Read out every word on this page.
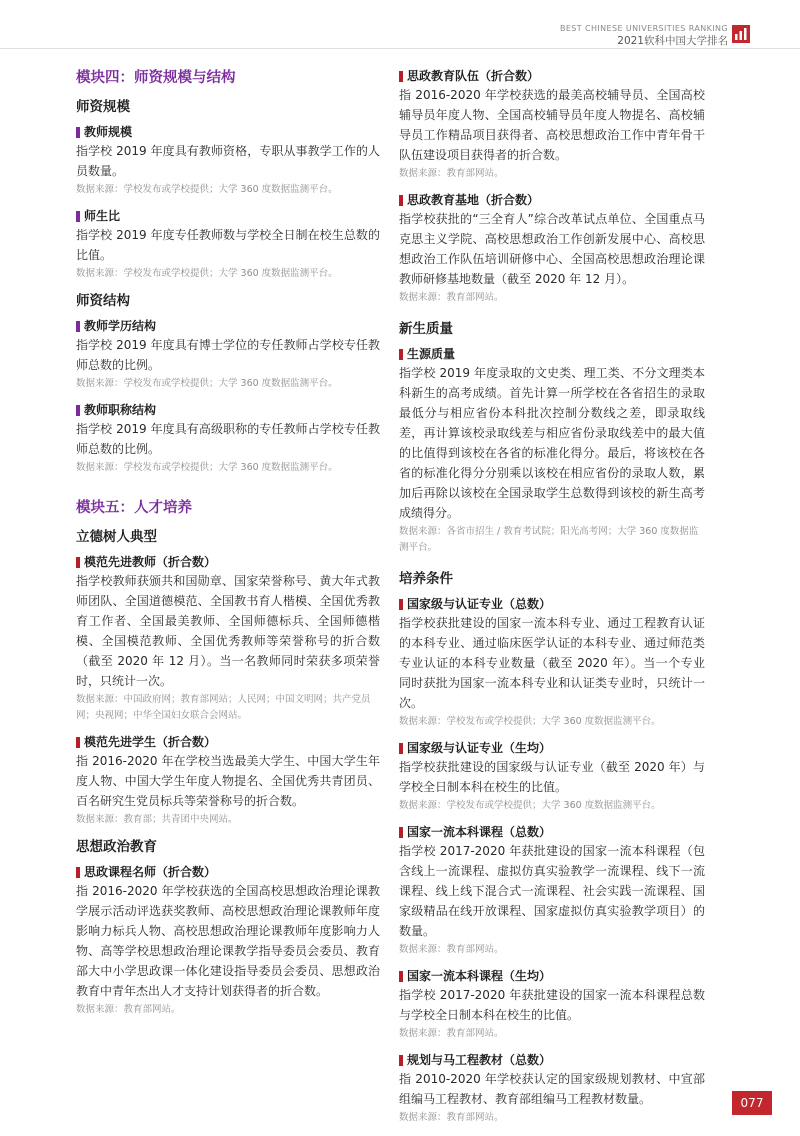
BEST CHINESE UNIVERSITIES RANKING
2021软科中国大学排名
模块四：师资规模与结构
师资规模
教师规模

指学校 2019 年度具有教师资格，专职从事教学工作的人员数量。

数据来源：学校发布或学校提供；大学 360 度数据监测平台。
师生比

指学校 2019 年度专任教师数与学校全日制在校生总数的比值。

数据来源：学校发布或学校提供；大学 360 度数据监测平台。
师资结构
教师学历结构

指学校 2019 年度具有博士学位的专任教师占学校专任教师总数的比例。

数据来源：学校发布或学校提供；大学 360 度数据监测平台。
教师职称结构

指学校 2019 年度具有高级职称的专任教师占学校专任教师总数的比例。

数据来源：学校发布或学校提供；大学 360 度数据监测平台。
模块五：人才培养
立德树人典型
模范先进教师（折合数）

指学校教师获颁共和国勋章、国家荣誉称号、黄大年式教师团队、全国道德模范、全国教书育人楷模、全国优秀教育工作者、全国最美教师、全国师德标兵、全国师德楷模、全国模范教师、全国优秀教师等荣誉称号的折合数（截至 2020 年 12 月）。当一名教师同时荣获多项荣誉时，只统计一次。

数据来源：中国政府网；教育部网站；人民网；中国文明网；共产党员网；央视网；中华全国妇女联合会网站。
模范先进学生（折合数）

指 2016-2020 年在学校当选最美大学生、中国大学生年度人物、中国大学生年度人物提名、全国优秀共青团员、百名研究生党员标兵等荣誉称号的折合数。

数据来源：教育部；共青团中央网站。
思想政治教育
思政课程名师（折合数）

指 2016-2020 年学校获选的全国高校思想政治理论课教学展示活动评选获奖教师、高校思想政治理论课教师年度影响力标兵人物、高校思想政治理论课教师年度影响力人物、高等学校思想政治理论课教学指导委员会委员、教育部大中小学思政课一体化建设指导委员会委员、思想政治教育中青年杰出人才支持计划获得者的折合数。

数据来源：教育部网站。
思政教育队伍（折合数）

指 2016-2020 年学校获选的最美高校辅导员、全国高校辅导员年度人物、全国高校辅导员年度人物提名、高校辅导员工作精品项目获得者、高校思想政治工作中青年骨干队伍建设项目获得者的折合数。

数据来源：教育部网站。
思政教育基地（折合数）

指学校获批的“三全育人”综合改革试点单位、全国重点马克思主义学院、高校思想政治工作创新发展中心、高校思想政治工作队伍培训研修中心、全国高校思想政治理论课教师研修基地数量（截至 2020 年 12 月）。

数据来源：教育部网站。
新生质量
生源质量

指学校 2019 年度录取的文史类、理工类、不分文理类本科新生的高考成绩。首先计算一所学校在各省招生的录取最低分与相应省份本科批次控制分数线之差，即录取线差，再计算该校录取线差与相应省份录取线差中的最大值的比值得到该校在各省的标准化得分。最后，将该校在各省的标准化得分分别乘以该校在相应省份的录取人数，累加后再除以该校在全国录取学生总数得到该校的新生高考成绩得分。

数据来源：各省市招生 / 教育考试院；阳光高考网；大学 360 度数据监测平台。
培养条件
国家级与认证专业（总数）

指学校获批建设的国家一流本科专业、通过工程教育认证的本科专业、通过临床医学认证的本科专业、通过师范类专业认证的本科专业数量（截至 2020 年）。当一个专业同时获批为国家一流本科专业和认证类专业时，只统计一次。

数据来源：学校发布或学校提供；大学 360 度数据监测平台。
国家级与认证专业（生均）

指学校获批建设的国家级与认证专业（截至 2020 年）与学校全日制本科在校生的比值。

数据来源：学校发布或学校提供；大学 360 度数据监测平台。
国家一流本科课程（总数）

指学校 2017-2020 年获批建设的国家一流本科课程（包含线上一流课程、虚拟仿真实验教学一流课程、线下一流课程、线上线下混合式一流课程、社会实践一流课程、国家级精品在线开放课程、国家虚拟仿真实验教学项目）的数量。

数据来源：教育部网站。
国家一流本科课程（生均）

指学校 2017-2020 年获批建设的国家一流本科课程总数与学校全日制本科在校生的比值。

数据来源：教育部网站。
规划与马工程教材（总数）

指 2010-2020 年学校获认定的国家级规划教材、中宣部组编马工程教材、教育部组编马工程教材数量。

数据来源：教育部网站。
077
